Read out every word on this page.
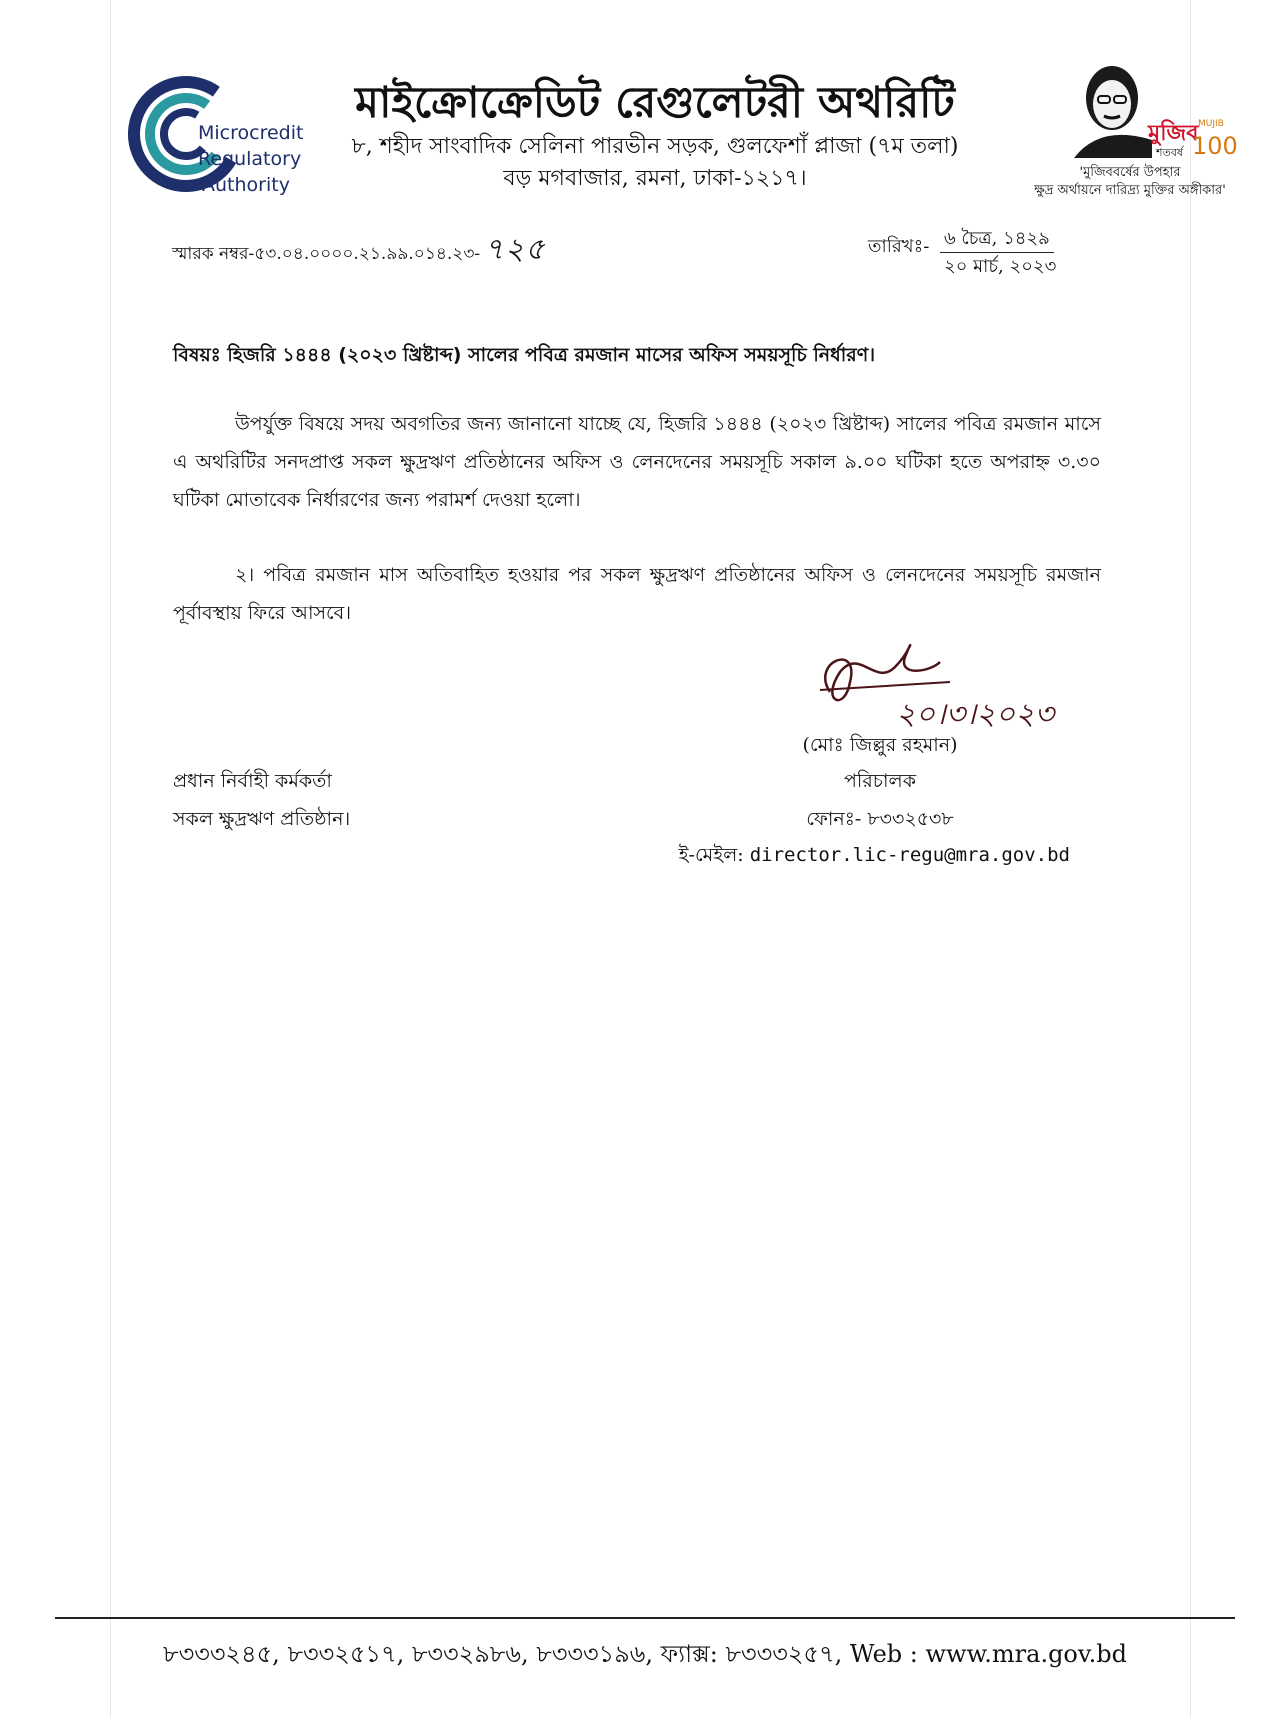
Microcredit
Regulatory
Authority
মাইক্রোক্রেডিট রেগুলেটরী অথরিটি
৮, শহীদ সাংবাদিক সেলিনা পারভীন সড়ক, গুলফেশাঁ প্লাজা (৭ম তলা)
বড় মগবাজার, রমনা, ঢাকা-১২১৭।
মুজিব
শতবর্ষ
MUJIB
100
'মুজিববর্ষের উপহার
ক্ষুদ্র অর্থায়নে দারিদ্র্য মুক্তির অঙ্গীকার'
স্মারক নম্বর-৫৩.০৪.০০০০.২১.৯৯.০১৪.২৩- ৭২৫	তারিখঃ- ৬ চৈত্র, ১৪২৯
২০ মার্চ, ২০২৩
বিষয়ঃ হিজরি ১৪৪৪ (২০২৩ খ্রিষ্টাব্দ) সালের পবিত্র রমজান মাসের অফিস সময়সূচি নির্ধারণ।
উপর্যুক্ত বিষয়ে সদয় অবগতির জন্য জানানো যাচ্ছে যে, হিজরি ১৪৪৪ (২০২৩ খ্রিষ্টাব্দ) সালের পবিত্র রমজান মাসে এ অথরিটির সনদপ্রাপ্ত সকল ক্ষুদ্রঋণ প্রতিষ্ঠানের অফিস ও লেনদেনের সময়সূচি সকাল ৯.০০ ঘটিকা হতে অপরাহ্ন ৩.৩০ ঘটিকা মোতাবেক নির্ধারণের জন্য পরামর্শ দেওয়া হলো।
২। পবিত্র রমজান মাস অতিবাহিত হওয়ার পর সকল ক্ষুদ্রঋণ প্রতিষ্ঠানের অফিস ও লেনদেনের সময়সূচি রমজান পূর্বাবস্থায় ফিরে আসবে।
২০।৩।২০২৩
(মোঃ জিল্লুর রহমান)
পরিচালক
ফোনঃ- ৮৩৩২৫৩৮
ই-মেইল: director.lic-regu@mra.gov.bd
প্রধান নির্বাহী কর্মকর্তা
সকল ক্ষুদ্রঋণ প্রতিষ্ঠান।
৮৩৩৩২৪৫, ৮৩৩২৫১৭, ৮৩৩২৯৮৬, ৮৩৩৩১৯৬, ফ্যাক্স: ৮৩৩৩২৫৭, Web : www.mra.gov.bd
